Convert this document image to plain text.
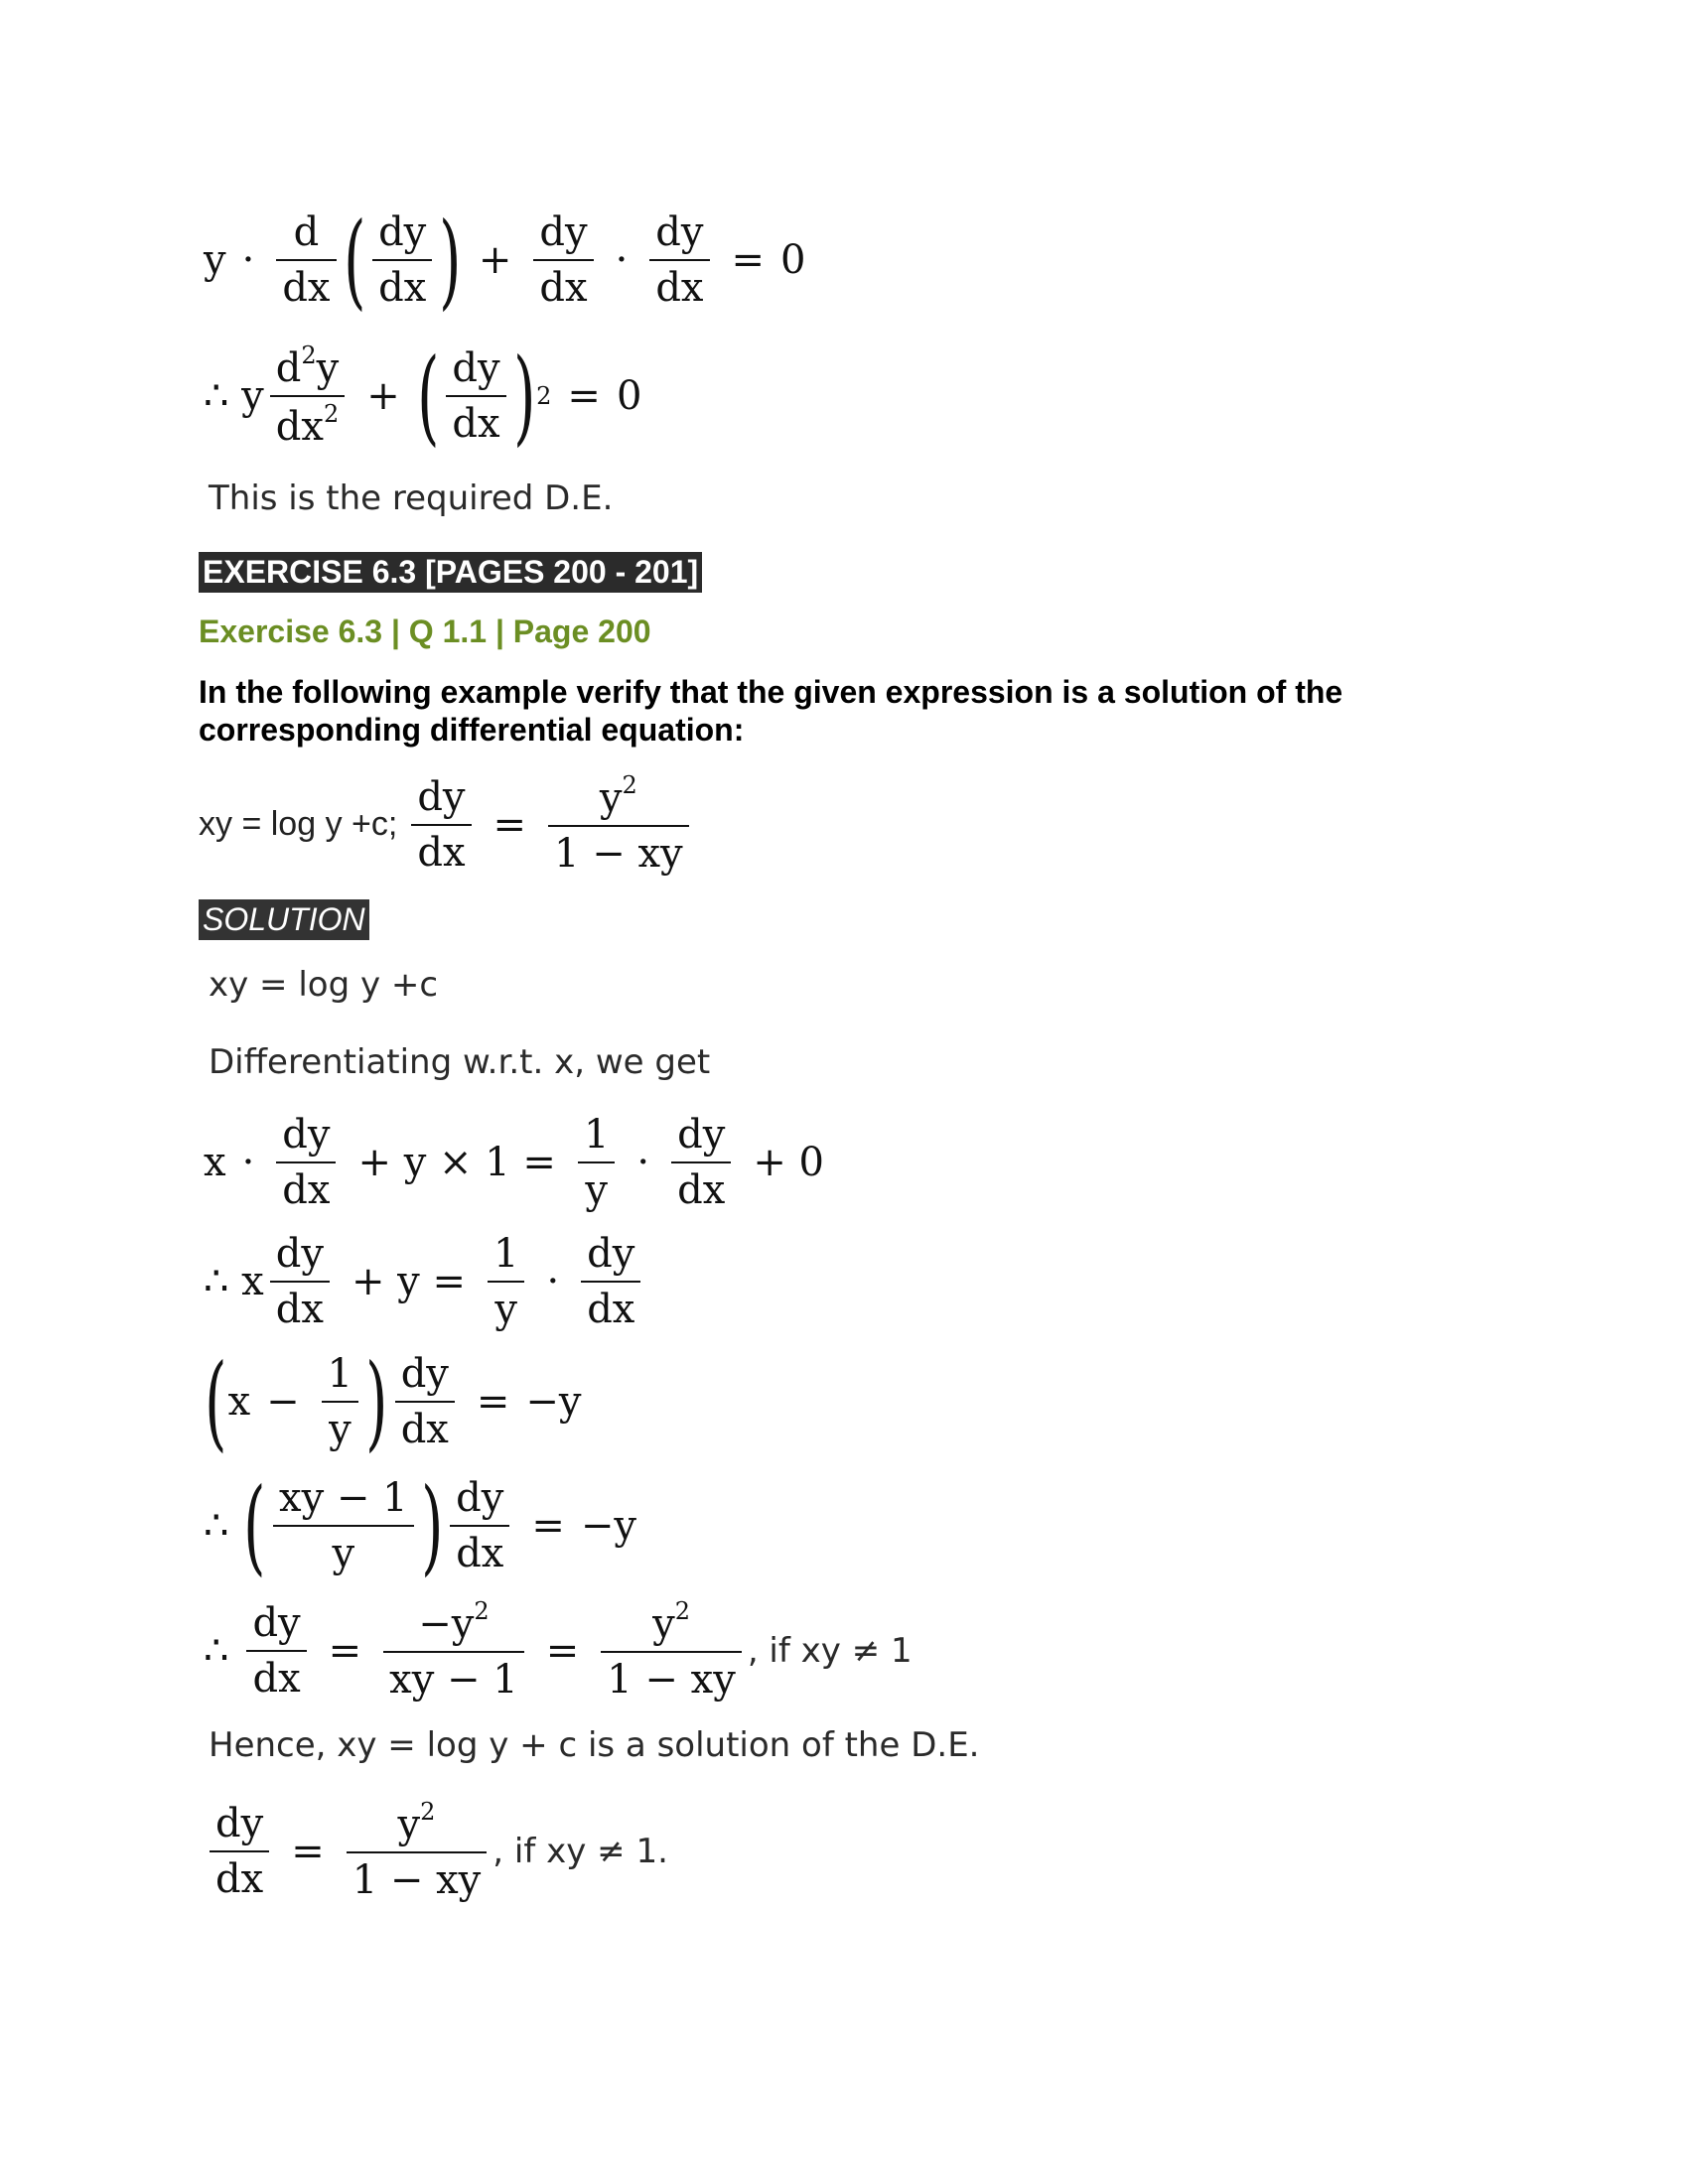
$y \cdot \frac{d}{dx}$ ( $\frac{dy}{dx}$ ) + $\frac{dy}{dx} \cdot \frac{dy}{dx} = 0$
∴ y $\frac{d^2y}{dx^2}$ + ( $\frac{dy}{dx}$ ) 2 = 0
This is the required D.E.
EXERCISE 6.3 [PAGES 200 - 201]
Exercise 6.3 | Q 1.1 | Page 200
In the following example verify that the given expression is a solution of the corresponding differential equation:
xy = log y +c; $\frac{dy}{dx} = \frac{y^2}{1 - xy}$
SOLUTION
xy = log y +c
Differentiating w.r.t. x, we get
$x \cdot \frac{dy}{dx} + y \times 1 = \frac{1}{y} \cdot \frac{dy}{dx} + 0$
∴ x $\frac{dy}{dx} + y = \frac{1}{y} \cdot \frac{dy}{dx}$
( $x - \frac{1}{y}$ ) $\frac{dy}{dx} = -y$
∴ ( $\frac{xy - 1}{y}$ ) $\frac{dy}{dx} = -y$
∴ $\frac{dy}{dx} = \frac{-y^2}{xy - 1} = \frac{y^2}{1 - xy}$ , if xy ≠ 1
Hence, xy = log y + c is a solution of the D.E.
$\frac{dy}{dx} = \frac{y^2}{1 - xy}$ , if xy ≠ 1.
